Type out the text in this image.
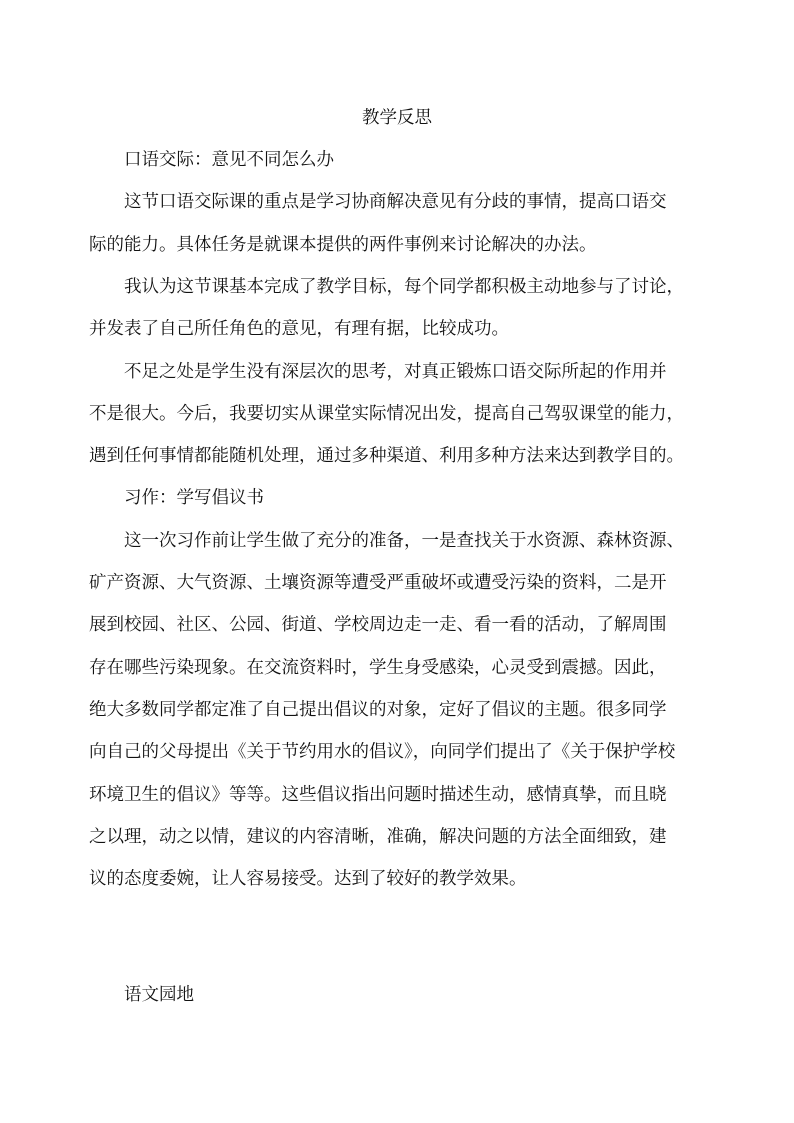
教学反思
口语交际：意见不同怎么办
这节口语交际课的重点是学习协商解决意见有分歧的事情，提高口语交
际的能力。具体任务是就课本提供的两件事例来讨论解决的办法。
我认为这节课基本完成了教学目标，每个同学都积极主动地参与了讨论，
并发表了自己所任角色的意见，有理有据，比较成功。
不足之处是学生没有深层次的思考，对真正锻炼口语交际所起的作用并
不是很大。今后，我要切实从课堂实际情况出发，提高自己驾驭课堂的能力，
遇到任何事情都能随机处理，通过多种渠道、利用多种方法来达到教学目的。
习作：学写倡议书
这一次习作前让学生做了充分的准备，一是查找关于水资源、森林资源、
矿产资源、大气资源、土壤资源等遭受严重破坏或遭受污染的资料，二是开
展到校园、社区、公园、街道、学校周边走一走、看一看的活动，了解周围
存在哪些污染现象。在交流资料时，学生身受感染，心灵受到震撼。因此，
绝大多数同学都定准了自己提出倡议的对象，定好了倡议的主题。很多同学
向自己的父母提出《关于节约用水的倡议》，向同学们提出了《关于保护学校
环境卫生的倡议》等等。这些倡议指出问题时描述生动，感情真挚，而且晓
之以理，动之以情，建议的内容清晰，准确，解决问题的方法全面细致，建
议的态度委婉，让人容易接受。达到了较好的教学效果。
语文园地
